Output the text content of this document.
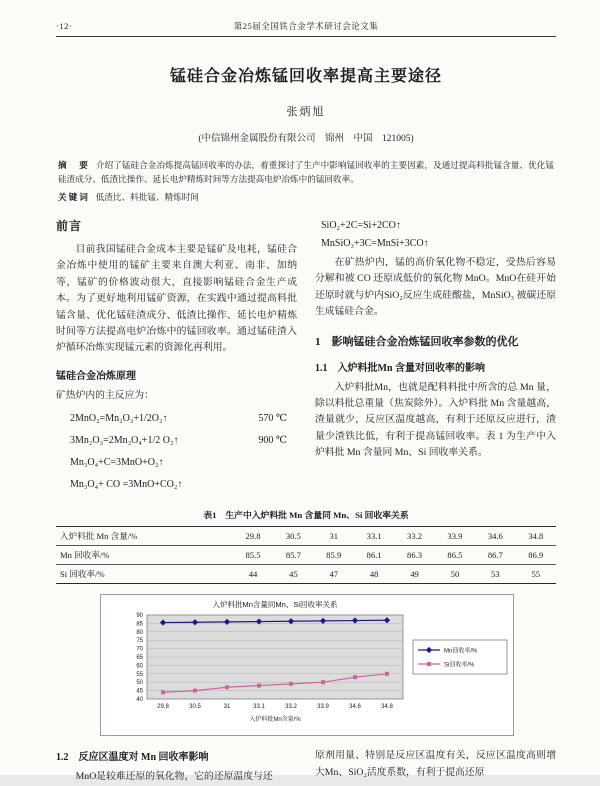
·12·	第25届全国铁合金学术研讨会论文集
锰硅合金冶炼锰回收率提高主要途径
张炳旭
(中信锦州金属股份有限公司　锦州　中国　121005)

摘　要 介绍了锰硅合金冶炼提高锰回收率的办法，着重探讨了生产中影响锰回收率的主要因素，及通过提高料批锰含量、优化锰硅渣成分、低渣比操作、延长电炉精炼时间等方法提高电炉冶炼中的锰回收率。

关键词 低渣比、料批锰、精炼时间

前言

目前我国锰硅合金成本主要是锰矿及电耗，锰硅合金冶炼中使用的锰矿主要来自澳大利亚、南非、加纳等，锰矿的价格波动很大，直接影响锰硅合金生产成本。为了更好地利用锰矿资源，在实践中通过提高料批锰含量、优化锰硅渣成分、低渣比操作、延长电炉精炼时间等方法提高电炉冶炼中的锰回收率。通过锰硅渣入炉循环冶炼实现锰元素的资源化再利用。

锰硅合金冶炼原理
矿热炉内的主反应为：
2MnO₂=Mn₂O₃+1/2O₂↑	570 ℃
3Mn₂O₃=2Mn₃O₄+1/2 O₂↑	900 ℃
Mn₃O₄+C=3MnO+O₂↑
Mn₃O₄+ CO =3MnO+CO₂↑
SiO₂+2C=Si+2CO↑
MnSiO₃+3C=MnSi+3CO↑

在矿热炉内，锰的高价氧化物不稳定，受热后容易分解和被 CO 还原成低价的氧化物 MnO。MnO在硅开始还原时就与炉内SiO₂反应生成硅酸盐，MnSiO₃ 被碳还原生成锰硅合金。

1　影响锰硅合金冶炼锰回收率参数的优化
1.1　入炉料批Mn 含量对回收率的影响

入炉料批Mn，也就是配料料批中所含的总 Mn 量，除以料批总重量（焦炭除外）。入炉料批 Mn 含量越高，渣量就少，反应区温度越高，有利于还原反应进行，渣量少渣铁比低，有利于提高锰回收率。表 1 为生产中入炉料批 Mn 含量同 Mn、Si 回收率关系。

表1　生产中入炉料批 Mn 含量同 Mn、Si 回收率关系
入炉料批 Mn 含量/%	29.8	30.5	31	33.1	33.2	33.9	34.6	34.8
Mn 回收率/%	85.5	85.7	85.9	86.1	86.3	86.5	86.7	86.9
Si 回收率/%	44	45	47	48	49	50	53	55
入炉料批Mn含量同Mn、Si回收率关系
40
45
50
55
60
65
70
75
80
85
90
29.8	30.5	31	33.1	33.2	33.9	34.6	34.8
入炉料批Mn含量/%
Mn回收率/%
Si回收率/%
1.2　反应区温度对 Mn 回收率影响

MnO是较难还原的氧化物，它的还原温度与还

原剂用量、特别是反应区温度有关，反应区温度高则增大Mn、SiO₂活度系数，有利于提高还原
